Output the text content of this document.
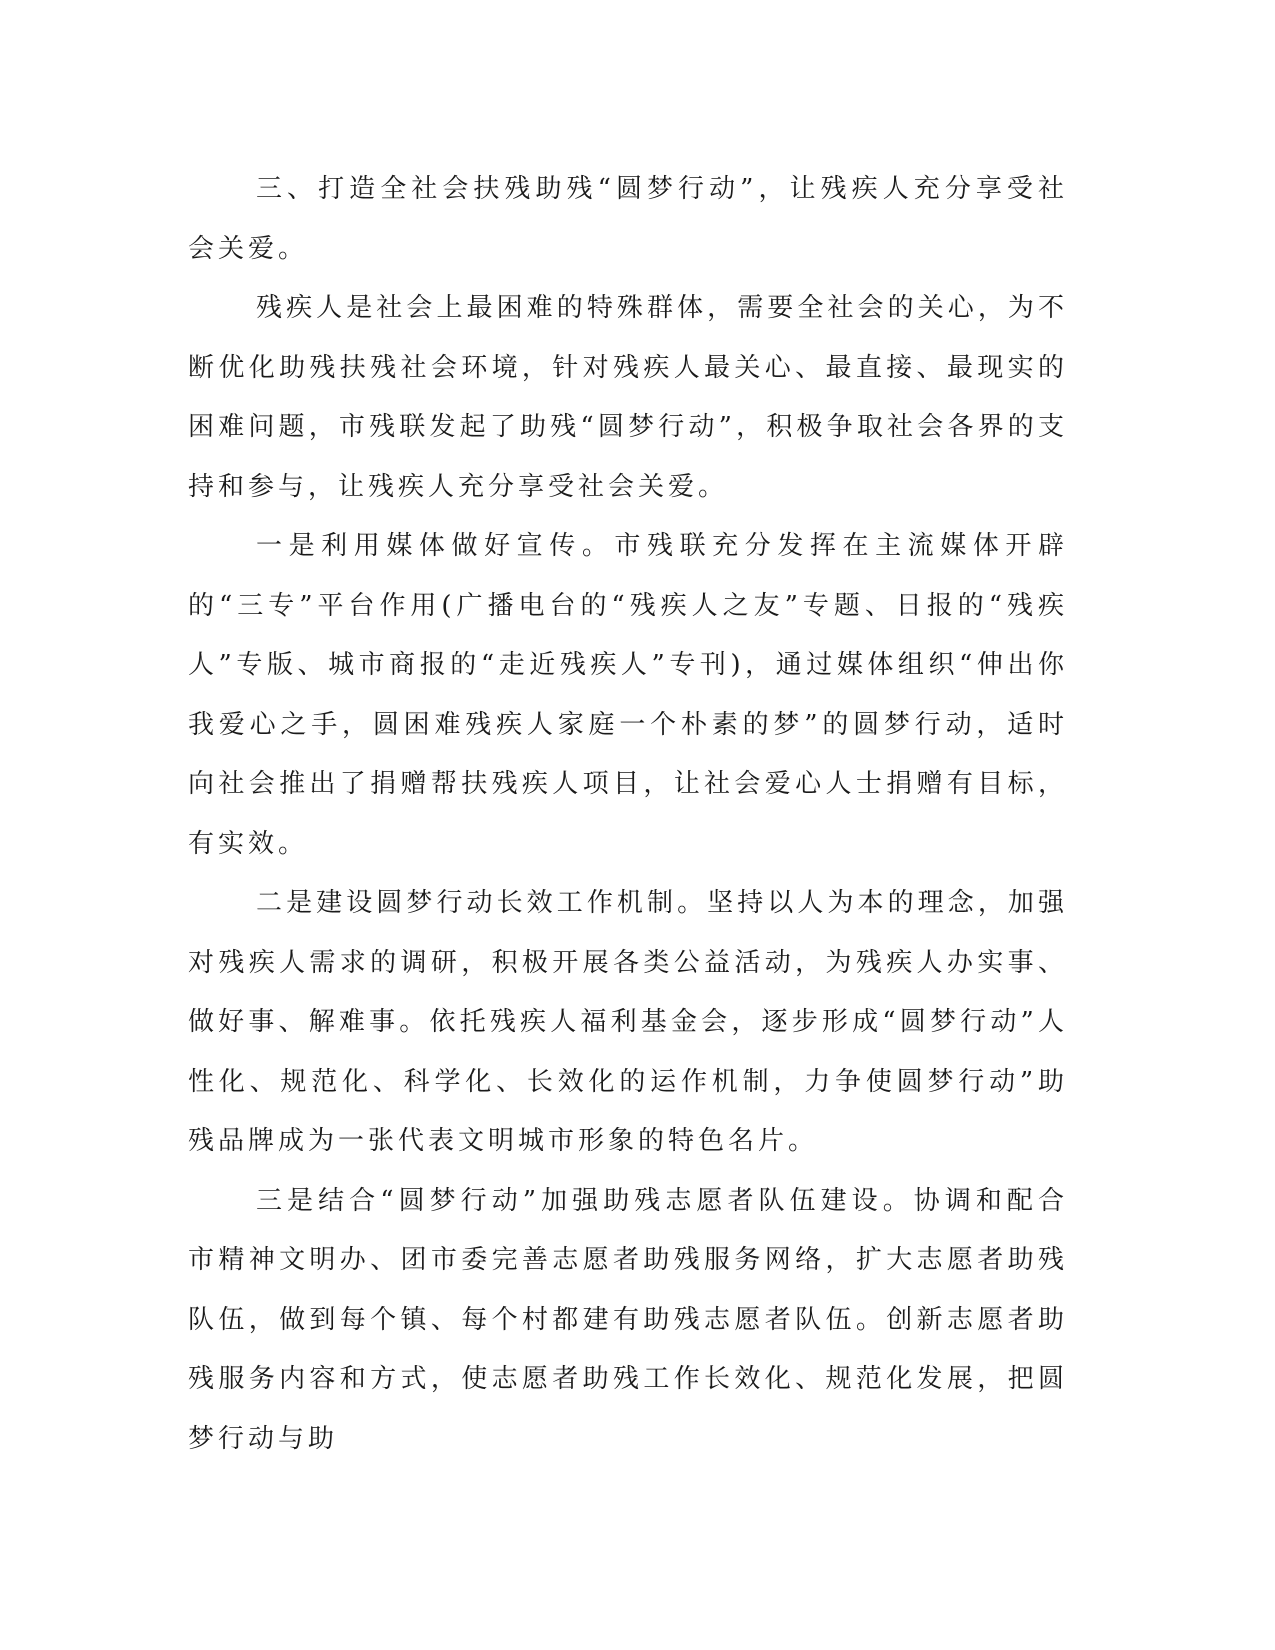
三、打造全社会扶残助残“圆梦行动”，让残疾人充分享受社会关爱。

残疾人是社会上最困难的特殊群体，需要全社会的关心，为不断优化助残扶残社会环境，针对残疾人最关心、最直接、最现实的困难问题，市残联发起了助残“圆梦行动”，积极争取社会各界的支持和参与，让残疾人充分享受社会关爱。

一是利用媒体做好宣传。市残联充分发挥在主流媒体开辟的“三专”平台作用(广播电台的“残疾人之友”专题、日报的“残疾人”专版、城市商报的“走近残疾人”专刊)，通过媒体组织“伸出你我爱心之手，圆困难残疾人家庭一个朴素的梦”的圆梦行动，适时向社会推出了捐赠帮扶残疾人项目，让社会爱心人士捐赠有目标，有实效。

二是建设圆梦行动长效工作机制。坚持以人为本的理念，加强对残疾人需求的调研，积极开展各类公益活动，为残疾人办实事、做好事、解难事。依托残疾人福利基金会，逐步形成“圆梦行动”人性化、规范化、科学化、长效化的运作机制，力争使圆梦行动”助残品牌成为一张代表文明城市形象的特色名片。

三是结合“圆梦行动”加强助残志愿者队伍建设。协调和配合市精神文明办、团市委完善志愿者助残服务网络，扩大志愿者助残队伍，做到每个镇、每个村都建有助残志愿者队伍。创新志愿者助残服务内容和方式，使志愿者助残工作长效化、规范化发展，把圆梦行动与助
